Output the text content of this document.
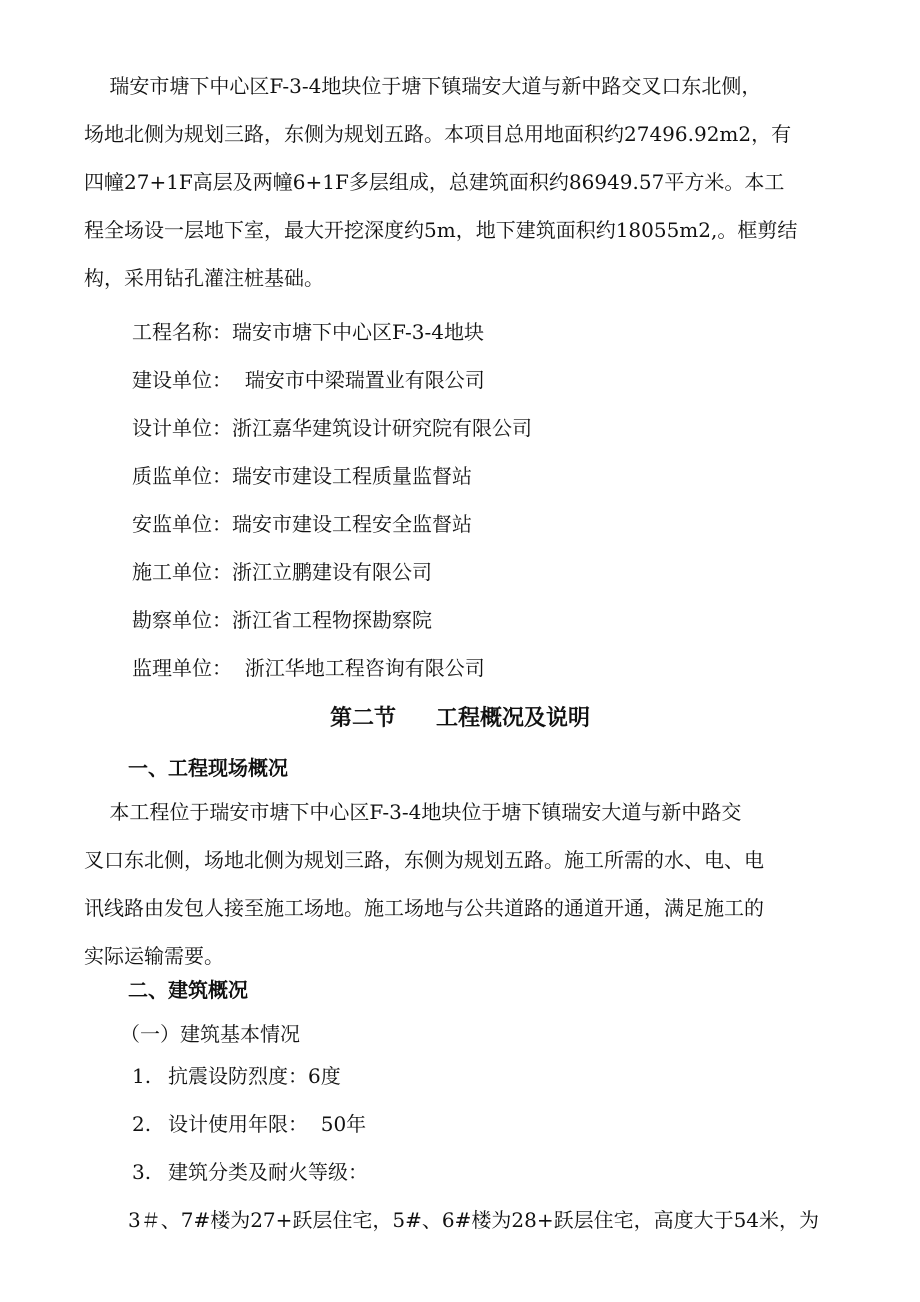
瑞安市塘下中心区F-3-4地块位于塘下镇瑞安大道与新中路交叉口东北侧，
场地北侧为规划三路，东侧为规划五路。本项目总用地面积约27496.92m2，有
四幢27+1F高层及两幢6+1F多层组成，总建筑面积约86949.57平方米。本工
程全场设一层地下室，最大开挖深度约5m，地下建筑面积约18055m2,。框剪结
构，采用钻孔灌注桩基础。
工程名称：瑞安市塘下中心区F-3-4地块
建设单位：  瑞安市中梁瑞置业有限公司
设计单位：浙江嘉华建筑设计研究院有限公司
质监单位：瑞安市建设工程质量监督站
安监单位：瑞安市建设工程安全监督站
施工单位：浙江立鹏建设有限公司
勘察单位：浙江省工程物探勘察院
监理单位：  浙江华地工程咨询有限公司
第二节 工程概况及说明
一、工程现场概况
本工程位于瑞安市塘下中心区F-3-4地块位于塘下镇瑞安大道与新中路交
叉口东北侧，场地北侧为规划三路，东侧为规划五路。施工所需的水、电、电
讯线路由发包人接至施工场地。施工场地与公共道路的通道开通，满足施工的
实际运输需要。
二、建筑概况
（一）建筑基本情况
1. 抗震设防烈度：6度
2. 设计使用年限：  50年
3. 建筑分类及耐火等级：
3＃、7#楼为27+跃层住宅，5#、6#楼为28+跃层住宅，高度大于54米，为
